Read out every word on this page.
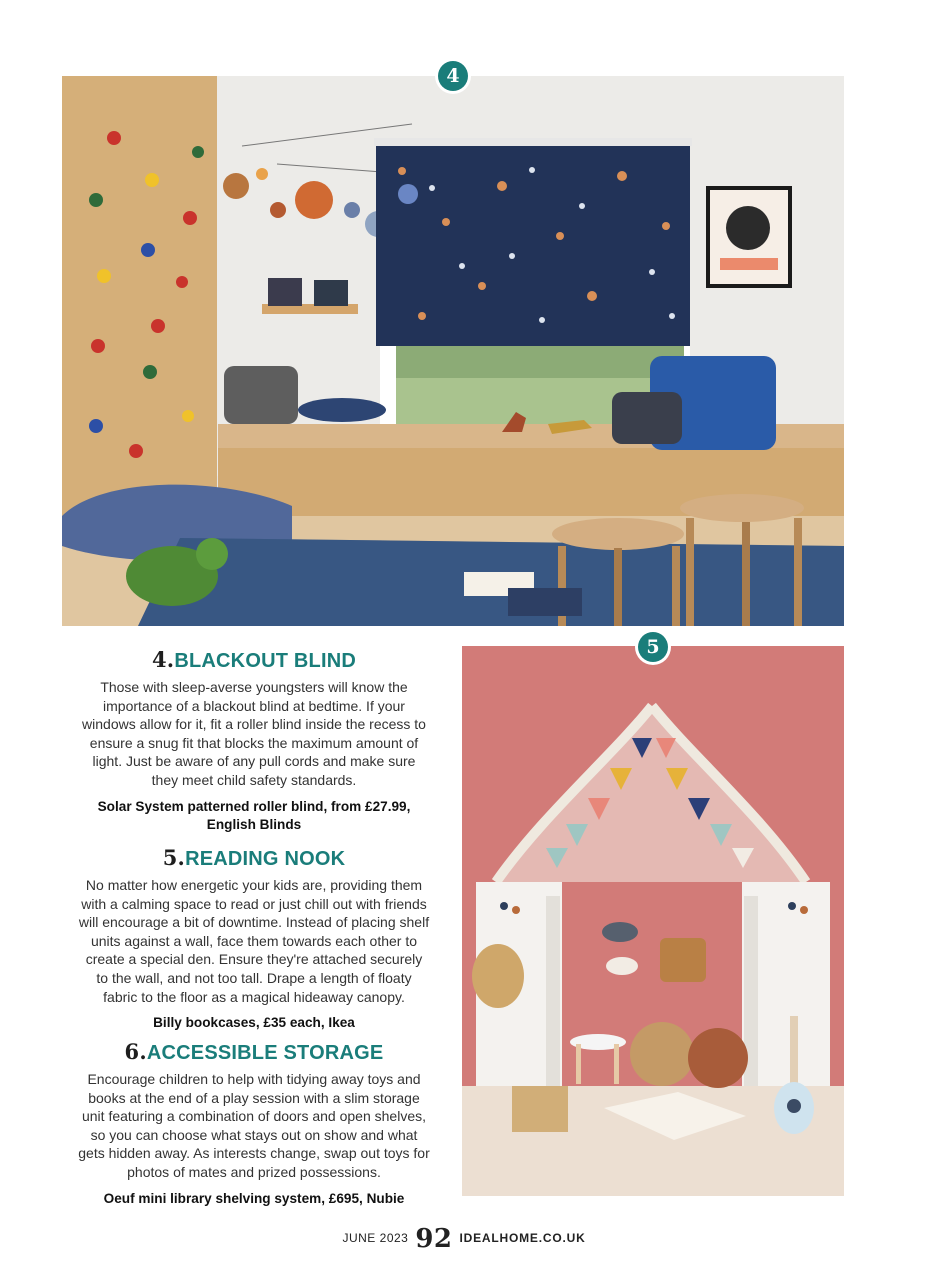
4
5
4.BLACKOUT BLIND

Those with sleep-averse youngsters will know the importance of a blackout blind at bedtime. If your windows allow for it, fit a roller blind inside the recess to ensure a snug fit that blocks the maximum amount of light. Just be aware of any pull cords and make sure they meet child safety standards.

Solar System patterned roller blind, from £27.99, English Blinds

5.READING NOOK

No matter how energetic your kids are, providing them with a calming space to read or just chill out with friends will encourage a bit of downtime. Instead of placing shelf units against a wall, face them towards each other to create a special den. Ensure they're attached securely to the wall, and not too tall. Drape a length of floaty fabric to the floor as a magical hideaway canopy.

Billy bookcases, £35 each, Ikea

6.ACCESSIBLE STORAGE

Encourage children to help with tidying away toys and books at the end of a play session with a slim storage unit featuring a combination of doors and open shelves, so you can choose what stays out on show and what gets hidden away. As interests change, swap out toys for photos of mates and prized possessions.

Oeuf mini library shelving system, £695, Nubie

JUNE 2023 92 IDEALHOME.CO.UK
